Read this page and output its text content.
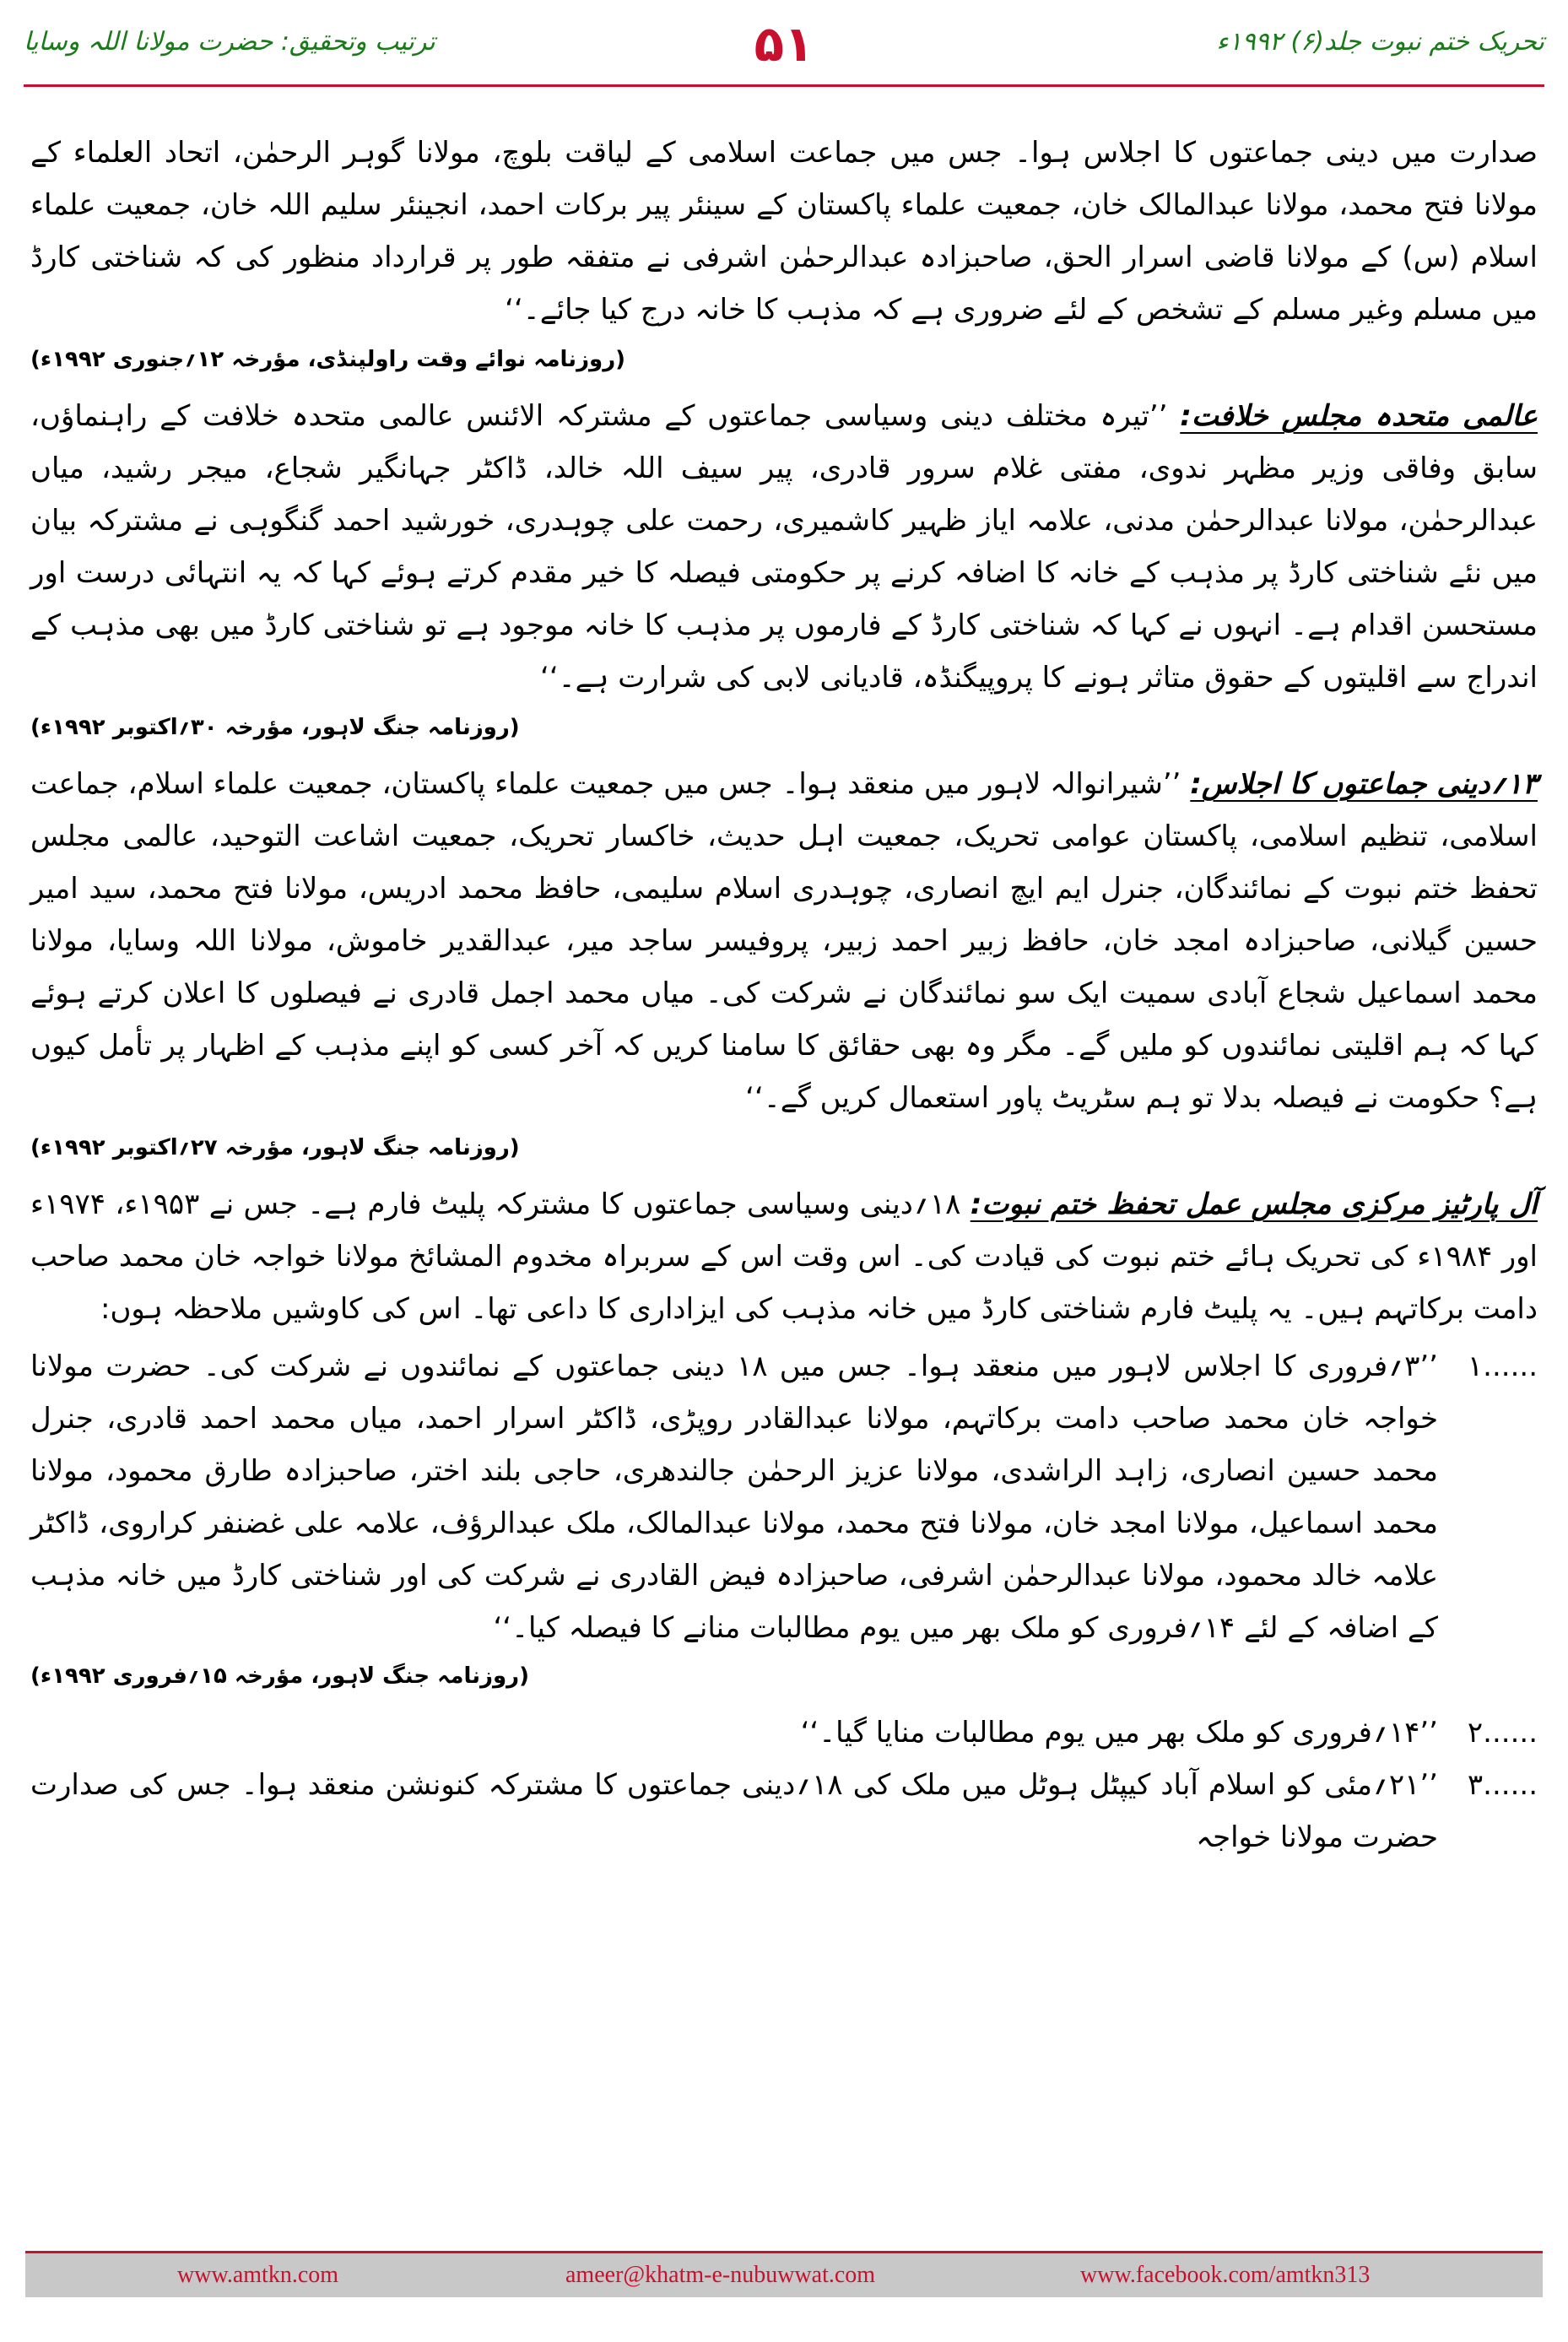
تحریک ختم نبوت جلد(۶) ۱۹۹۲ء
۵۱
ترتیب وتحقیق: حضرت مولانا اللہ وسایا

صدارت میں دینی جماعتوں کا اجلاس ہوا۔ جس میں جماعت اسلامی کے لیاقت بلوچ، مولانا گوہر الرحمٰن، اتحاد العلماء کے مولانا فتح محمد، مولانا عبدالمالک خان، جمعیت علماء پاکستان کے سینئر پیر برکات احمد، انجینئر سلیم اللہ خان، جمعیت علماء اسلام (س) کے مولانا قاضی اسرار الحق، صاحبزادہ عبدالرحمٰن اشرفی نے متفقہ طور پر قرارداد منظور کی کہ شناختی کارڈ میں مسلم وغیر مسلم کے تشخص کے لئے ضروری ہے کہ مذہب کا خانہ درج کیا جائے۔‘‘

(روزنامہ نوائے وقت راولپنڈی، مؤرخہ ۱۲؍جنوری ۱۹۹۲ء)

عالمی متحدہ مجلس خلافت: ’’تیرہ مختلف دینی وسیاسی جماعتوں کے مشترکہ الائنس عالمی متحدہ خلافت کے راہنماؤں، سابق وفاقی وزیر مظہر ندوی، مفتی غلام سرور قادری، پیر سیف اللہ خالد، ڈاکٹر جہانگیر شجاع، میجر رشید، میاں عبدالرحمٰن، مولانا عبدالرحمٰن مدنی، علامہ ایاز ظہیر کاشمیری، رحمت علی چوہدری، خورشید احمد گنگوہی نے مشترکہ بیان میں نئے شناختی کارڈ پر مذہب کے خانہ کا اضافہ کرنے پر حکومتی فیصلہ کا خیر مقدم کرتے ہوئے کہا کہ یہ انتہائی درست اور مستحسن اقدام ہے۔ انہوں نے کہا کہ شناختی کارڈ کے فارموں پر مذہب کا خانہ موجود ہے تو شناختی کارڈ میں بھی مذہب کے اندراج سے اقلیتوں کے حقوق متاثر ہونے کا پروپیگنڈہ، قادیانی لابی کی شرارت ہے۔‘‘

(روزنامہ جنگ لاہور، مؤرخہ ۳۰؍اکتوبر ۱۹۹۲ء)

۱۳؍دینی جماعتوں کا اجلاس: ’’شیرانوالہ لاہور میں منعقد ہوا۔ جس میں جمعیت علماء پاکستان، جمعیت علماء اسلام، جماعت اسلامی، تنظیم اسلامی، پاکستان عوامی تحریک، جمعیت اہل حدیث، خاکسار تحریک، جمعیت اشاعت التوحید، عالمی مجلس تحفظ ختم نبوت کے نمائندگان، جنرل ایم ایچ انصاری، چوہدری اسلام سلیمی، حافظ محمد ادریس، مولانا فتح محمد، سید امیر حسین گیلانی، صاحبزادہ امجد خان، حافظ زبیر احمد زبیر، پروفیسر ساجد میر، عبدالقدیر خاموش، مولانا اللہ وسایا، مولانا محمد اسماعیل شجاع آبادی سمیت ایک سو نمائندگان نے شرکت کی۔ میاں محمد اجمل قادری نے فیصلوں کا اعلان کرتے ہوئے کہا کہ ہم اقلیتی نمائندوں کو ملیں گے۔ مگر وہ بھی حقائق کا سامنا کریں کہ آخر کسی کو اپنے مذہب کے اظہار پر تأمل کیوں ہے؟ حکومت نے فیصلہ بدلا تو ہم سٹریٹ پاور استعمال کریں گے۔‘‘

(روزنامہ جنگ لاہور، مؤرخہ ۲۷؍اکتوبر ۱۹۹۲ء)

آل پارٹیز مرکزی مجلس عمل تحفظ ختم نبوت: ۱۸؍دینی وسیاسی جماعتوں کا مشترکہ پلیٹ فارم ہے۔ جس نے ۱۹۵۳ء، ۱۹۷۴ء اور ۱۹۸۴ء کی تحریک ہائے ختم نبوت کی قیادت کی۔ اس وقت اس کے سربراہ مخدوم المشائخ مولانا خواجہ خان محمد صاحب دامت برکاتہم ہیں۔ یہ پلیٹ فارم شناختی کارڈ میں خانہ مذہب کی ایزاداری کا داعی تھا۔ اس کی کاوشیں ملاحظہ ہوں:

۱......
’’۳؍فروری کا اجلاس لاہور میں منعقد ہوا۔ جس میں ۱۸ دینی جماعتوں کے نمائندوں نے شرکت کی۔ حضرت مولانا خواجہ خان محمد صاحب دامت برکاتہم، مولانا عبدالقادر روپڑی، ڈاکٹر اسرار احمد، میاں محمد احمد قادری، جنرل محمد حسین انصاری، زاہد الراشدی، مولانا عزیز الرحمٰن جالندھری، حاجی بلند اختر، صاحبزادہ طارق محمود، مولانا محمد اسماعیل، مولانا امجد خان، مولانا فتح محمد، مولانا عبدالمالک، ملک عبدالرؤف، علامہ علی غضنفر کراروی، ڈاکٹر علامہ خالد محمود، مولانا عبدالرحمٰن اشرفی، صاحبزادہ فیض القادری نے شرکت کی اور شناختی کارڈ میں خانہ مذہب کے اضافہ کے لئے ۱۴؍فروری کو ملک بھر میں یوم مطالبات منانے کا فیصلہ کیا۔‘‘
(روزنامہ جنگ لاہور، مؤرخہ ۱۵؍فروری ۱۹۹۲ء)
۲......
’’۱۴؍فروری کو ملک بھر میں یوم مطالبات منایا گیا۔‘‘
۳......
’’۲۱؍مئی کو اسلام آباد کیپٹل ہوٹل میں ملک کی ۱۸؍دینی جماعتوں کا مشترکہ کنونشن منعقد ہوا۔ جس کی صدارت حضرت مولانا خواجہ
www.amtkn.com	ameer@khatm-e-nubuwwat.com	www.facebook.com/amtkn313
